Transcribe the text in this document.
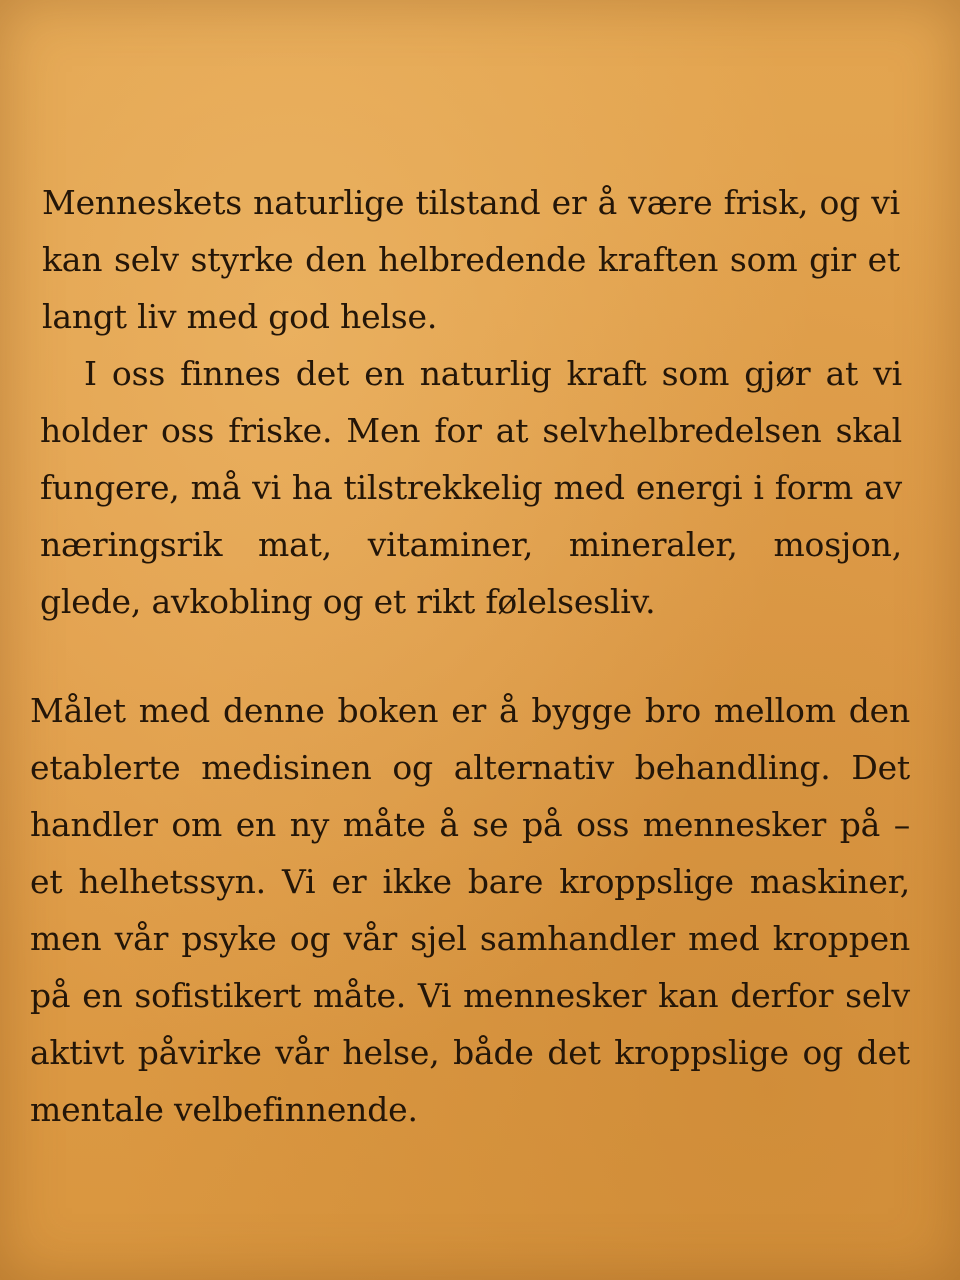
Menneskets naturlige tilstand er å være frisk, og vi kan selv styrke den helbredende kraften som gir et langt liv med god helse.

I oss finnes det en naturlig kraft som gjør at vi holder oss friske. Men for at selvhelbredelsen skal fungere, må vi ha tilstrekkelig med energi i form av næringsrik mat, vitaminer, mineraler, mosjon, glede, avkobling og et rikt følelsesliv.

Målet med denne boken er å bygge bro mellom den etablerte medisinen og alternativ behandling. Det handler om en ny måte å se på oss mennesker på – et helhetssyn. Vi er ikke bare kroppslige maskiner, men vår psyke og vår sjel samhandler med kroppen på en sofistikert måte. Vi mennesker kan derfor selv aktivt påvirke vår helse, både det kroppslige og det mentale velbefinnende.
